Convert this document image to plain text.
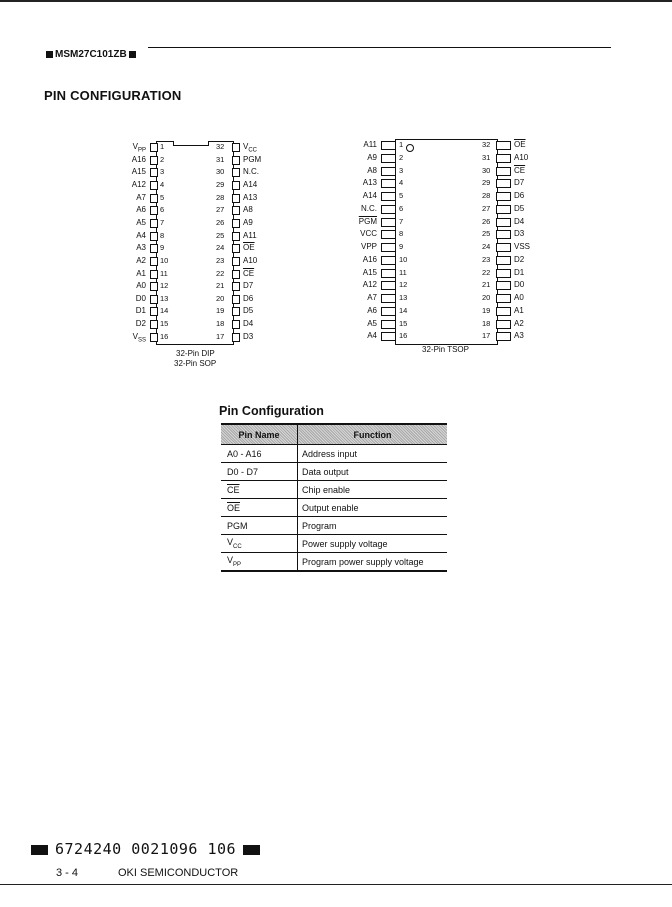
MSM27C101ZB
PIN CONFIGURATION
$V_{PP}$ 1
A16 2
A15 3
A12 4
A7 5
A6 6
A5 7
A4 8
A3 9
A2 10
A1 11
A0 12
D0 13
D1 14
D2 15
$V_{SS}$ 16
32 $V_{CC}$
31 PGM
30 N.C.
29 A14
28 A13
27 A8
26 A9
25 A11
24 $\overline{OE}$
23 A10
22 $\overline{CE}$
21 D7
20 D6
19 D5
18 D4
17 D3
A11	1
A9	2
A8	3
A13	4
A14	5
N.C.	6
$\overline{PGM}$	7
VCC	8
VPP	9
A16	10
A15	11
A12	12
A7	13
A6	14
A5	15
A4	16
32	$\overline{OE}$
31	A10
30	$\overline{CE}$
29	D7
28	D6
27	D5
26	D4
25	D3
24	VSS
23	D2
22	D1
21	D0
20	A0
19	A1
18	A2
17	A3
32-Pin DIP
32-Pin SOP
32-Pin TSOP
Pin Configuration
Pin Name	Function
A0 - A16	Address input
D0 - D7	Data output
$\overline{CE}$	Chip enable
$\overline{OE}$	Output enable
PGM	Program
$V_{CC}$	Power supply voltage
$V_{PP}$	Program power supply voltage
6724240 0021096 106
3 - 4	OKI SEMICONDUCTOR
